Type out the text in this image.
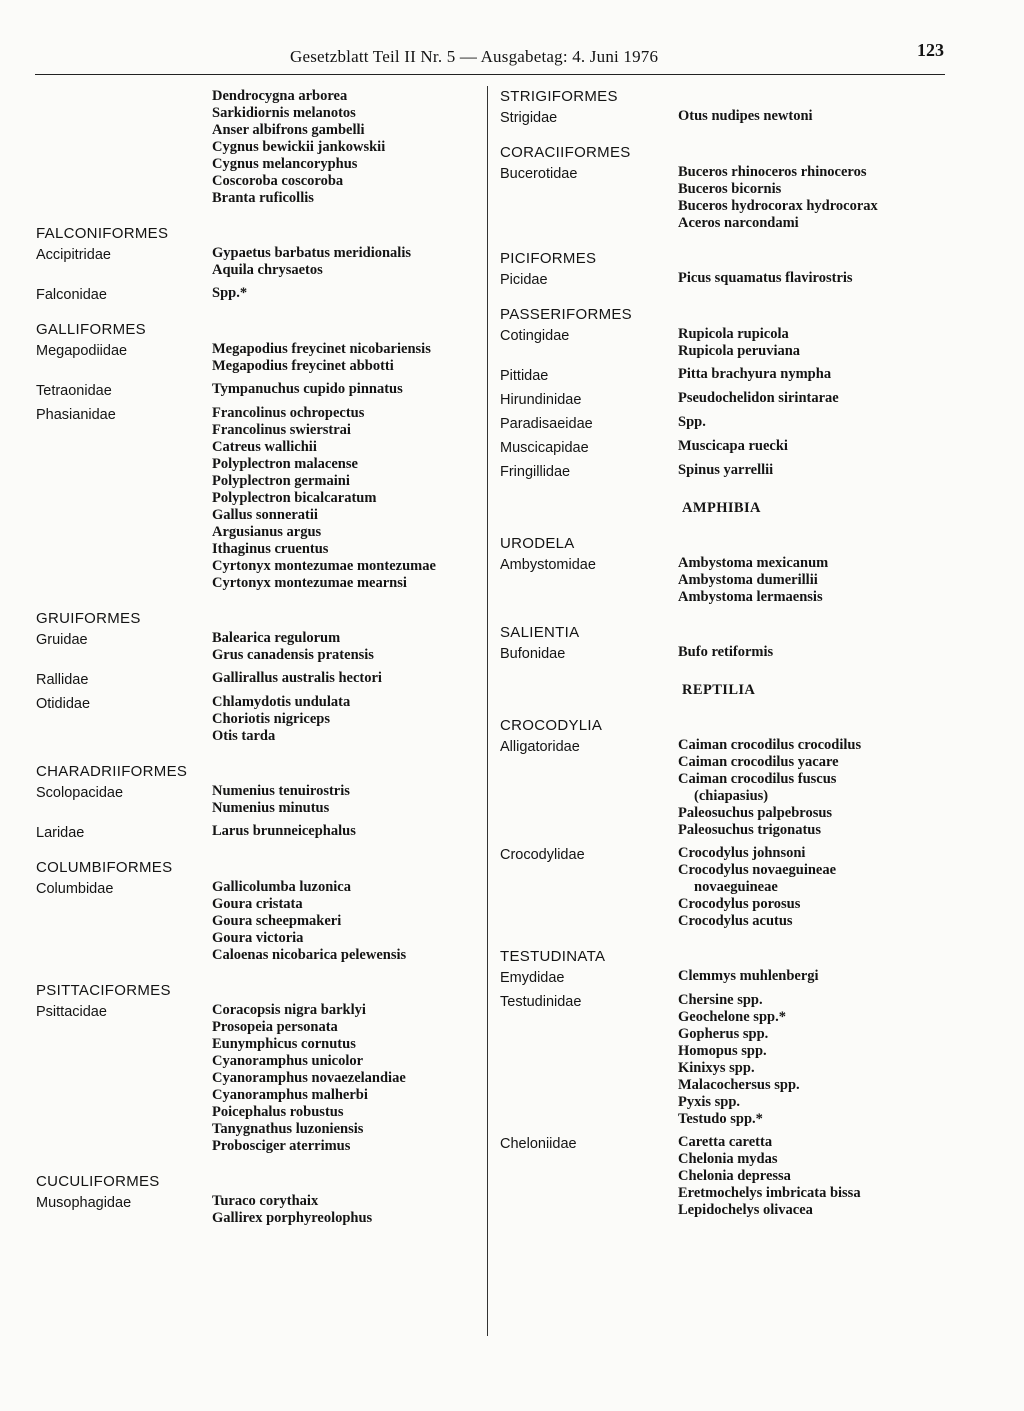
Gesetzblatt Teil II Nr. 5 — Ausgabetag: 4. Juni 1976	123
Dendrocygna arborea
Sarkidiornis melanotos
Anser albifrons gambelli
Cygnus bewickii jankowskii
Cygnus melancoryphus
Coscoroba coscoroba
Branta ruficollis
FALCONIFORMES
Accipitridae	Gypaetus barbatus meridionalis
Aquila chrysaetos
Falconidae	Spp.*
GALLIFORMES
Megapodiidae	Megapodius freycinet nicobariensis
Megapodius freycinet abbotti
Tetraonidae	Tympanuchus cupido pinnatus
Phasianidae	Francolinus ochropectus
Francolinus swierstrai
Catreus wallichii
Polyplectron malacense
Polyplectron germaini
Polyplectron bicalcaratum
Gallus sonneratii
Argusianus argus
Ithaginus cruentus
Cyrtonyx montezumae montezumae
Cyrtonyx montezumae mearnsi
GRUIFORMES
Gruidae	Balearica regulorum
Grus canadensis pratensis
Rallidae	Gallirallus australis hectori
Otididae	Chlamydotis undulata
Choriotis nigriceps
Otis tarda
CHARADRIIFORMES
Scolopacidae	Numenius tenuirostris
Numenius minutus
Laridae	Larus brunneicephalus
COLUMBIFORMES
Columbidae	Gallicolumba luzonica
Goura cristata
Goura scheepmakeri
Goura victoria
Caloenas nicobarica pelewensis
PSITTACIFORMES
Psittacidae	Coracopsis nigra barklyi
Prosopeia personata
Eunymphicus cornutus
Cyanoramphus unicolor
Cyanoramphus novaezelandiae
Cyanoramphus malherbi
Poicephalus robustus
Tanygnathus luzoniensis
Probosciger aterrimus
CUCULIFORMES
Musophagidae	Turaco corythaix
Gallirex porphyreolophus
STRIGIFORMES
Strigidae	Otus nudipes newtoni
CORACIIFORMES
Bucerotidae	Buceros rhinoceros rhinoceros
Buceros bicornis
Buceros hydrocorax hydrocorax
Aceros narcondami
PICIFORMES
Picidae	Picus squamatus flavirostris
PASSERIFORMES
Cotingidae	Rupicola rupicola
Rupicola peruviana
Pittidae	Pitta brachyura nympha
Hirundinidae	Pseudochelidon sirintarae
Paradisaeidae	Spp.
Muscicapidae	Muscicapa ruecki
Fringillidae	Spinus yarrellii
AMPHIBIA
URODELA
Ambystomidae	Ambystoma mexicanum
Ambystoma dumerillii
Ambystoma lermaensis
SALIENTIA
Bufonidae	Bufo retiformis
REPTILIA
CROCODYLIA
Alligatoridae	Caiman crocodilus crocodilus
Caiman crocodilus yacare
Caiman crocodilus fuscus
(chiapasius)
Paleosuchus palpebrosus
Paleosuchus trigonatus
Crocodylidae	Crocodylus johnsoni
Crocodylus novaeguineae
novaeguineae
Crocodylus porosus
Crocodylus acutus
TESTUDINATA
Emydidae	Clemmys muhlenbergi
Testudinidae	Chersine spp.
Geochelone spp.*
Gopherus spp.
Homopus spp.
Kinixys spp.
Malacochersus spp.
Pyxis spp.
Testudo spp.*
Cheloniidae	Caretta caretta
Chelonia mydas
Chelonia depressa
Eretmochelys imbricata bissa
Lepidochelys olivacea
